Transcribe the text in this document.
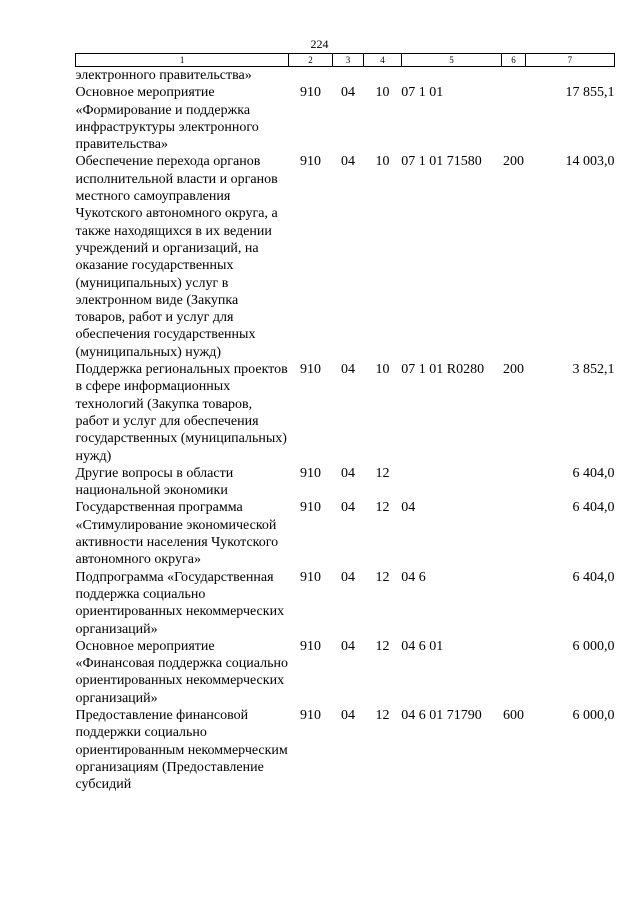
224
1	2	3	4	5	6	7
электронного правительства»						
Основное мероприятие «Формирование и поддержка инфраструктуры электронного правительства»	910	04	10	07 1 01		17 855,1
Обеспечение перехода органов исполнительной власти и органов местного самоуправления Чукотского автономного округа, а также находящихся в их ведении учреждений и организаций, на оказание государственных (муниципальных) услуг в электронном виде (Закупка товаров, работ и услуг для обеспечения государственных (муниципальных) нужд)	910	04	10	07 1 01 71580	200	14 003,0
Поддержка региональных проектов в сфере информационных технологий (Закупка товаров, работ и услуг для обеспечения государственных (муниципальных) нужд)	910	04	10	07 1 01 R0280	200	3 852,1
Другие вопросы в области национальной экономики	910	04	12			6 404,0
Государственная программа «Стимулирование экономической активности населения Чукотского автономного округа»	910	04	12	04		6 404,0
Подпрограмма «Государственная поддержка социально ориентированных некоммерческих организаций»	910	04	12	04 6		6 404,0
Основное мероприятие «Финансовая поддержка социально ориентированных некоммерческих организаций»	910	04	12	04 6 01		6 000,0
Предоставление финансовой поддержки социально ориентированным некоммерческим организациям (Предоставление субсидий	910	04	12	04 6 01 71790	600	6 000,0
